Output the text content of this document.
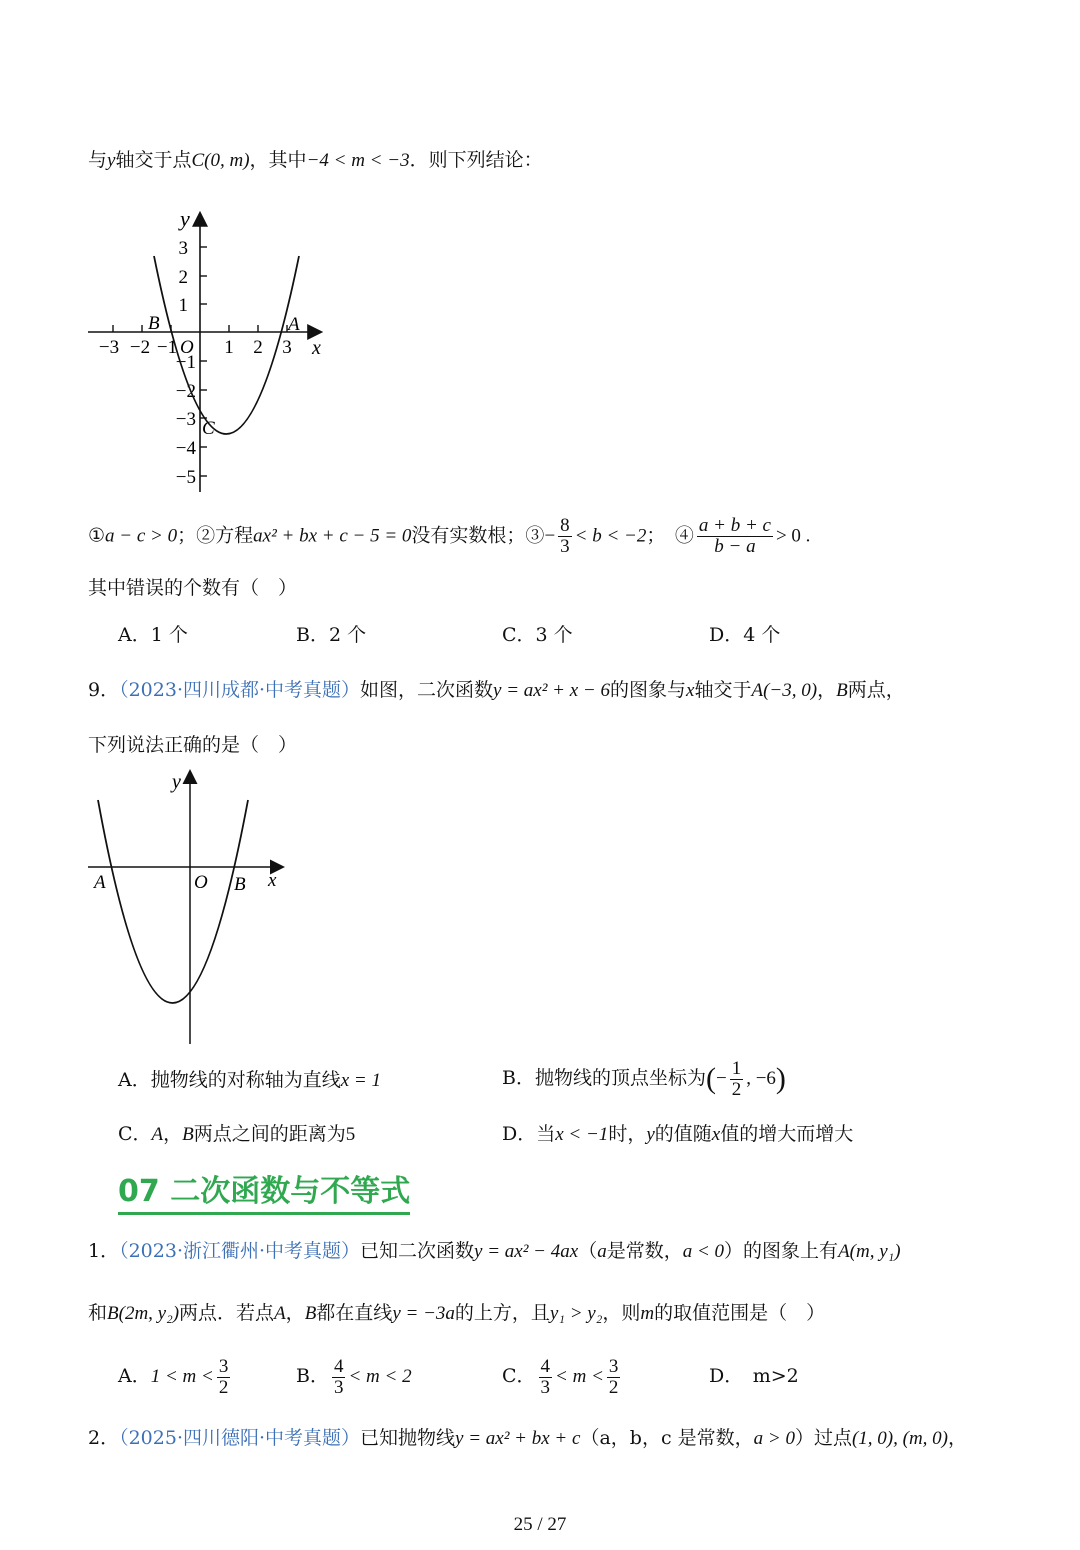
与y轴交于点C(0, m)，其中−4 < m < −3．则下列结论：
3
2
1
−1
−2
−3
−4
−5
−3 −2 −1 1 2 3
O
y
x
B	A
C
①a − c > 0；②方程ax² + bx + c − 5 = 0没有实数根；③− $\frac{8}{3} < b < -2$；　④ $\frac{a + b + c}{b - a} > 0$ .
其中错误的个数有（　）
A．1 个	B．2 个	C．3 个	D．4 个
9．（2023·四川成都·中考真题）如图，二次函数y = ax² + x − 6的图象与x轴交于A(−3, 0)，B两点，
下列说法正确的是（　）
y
x
O
A	B
A．抛物线的对称轴为直线x = 1	B．抛物线的顶点坐标为(− $\frac{1}{2}$ , −6)
C．A，B两点之间的距离为5	D．当x < −1时，y的值随x值的增大而增大
07 二次函数与不等式
1．（2023·浙江衢州·中考真题）已知二次函数y = ax² − 4ax（a是常数，a < 0）的图象上有A(m, y₁)
和B(2m, y₂)两点．若点A，B都在直线y = −3a的上方，且y₁ > y₂，则m的取值范围是（　）
A．$1 < m < \frac{3}{2}$	B． $\frac{4}{3} < m < 2$	C． $\frac{4}{3} < m < \frac{3}{2}$	D．　m>2
2．（2025·四川德阳·中考真题）已知抛物线y = ax² + bx + c（a，b，c 是常数，a > 0）过点(1, 0), (m, 0)，
25 / 27
